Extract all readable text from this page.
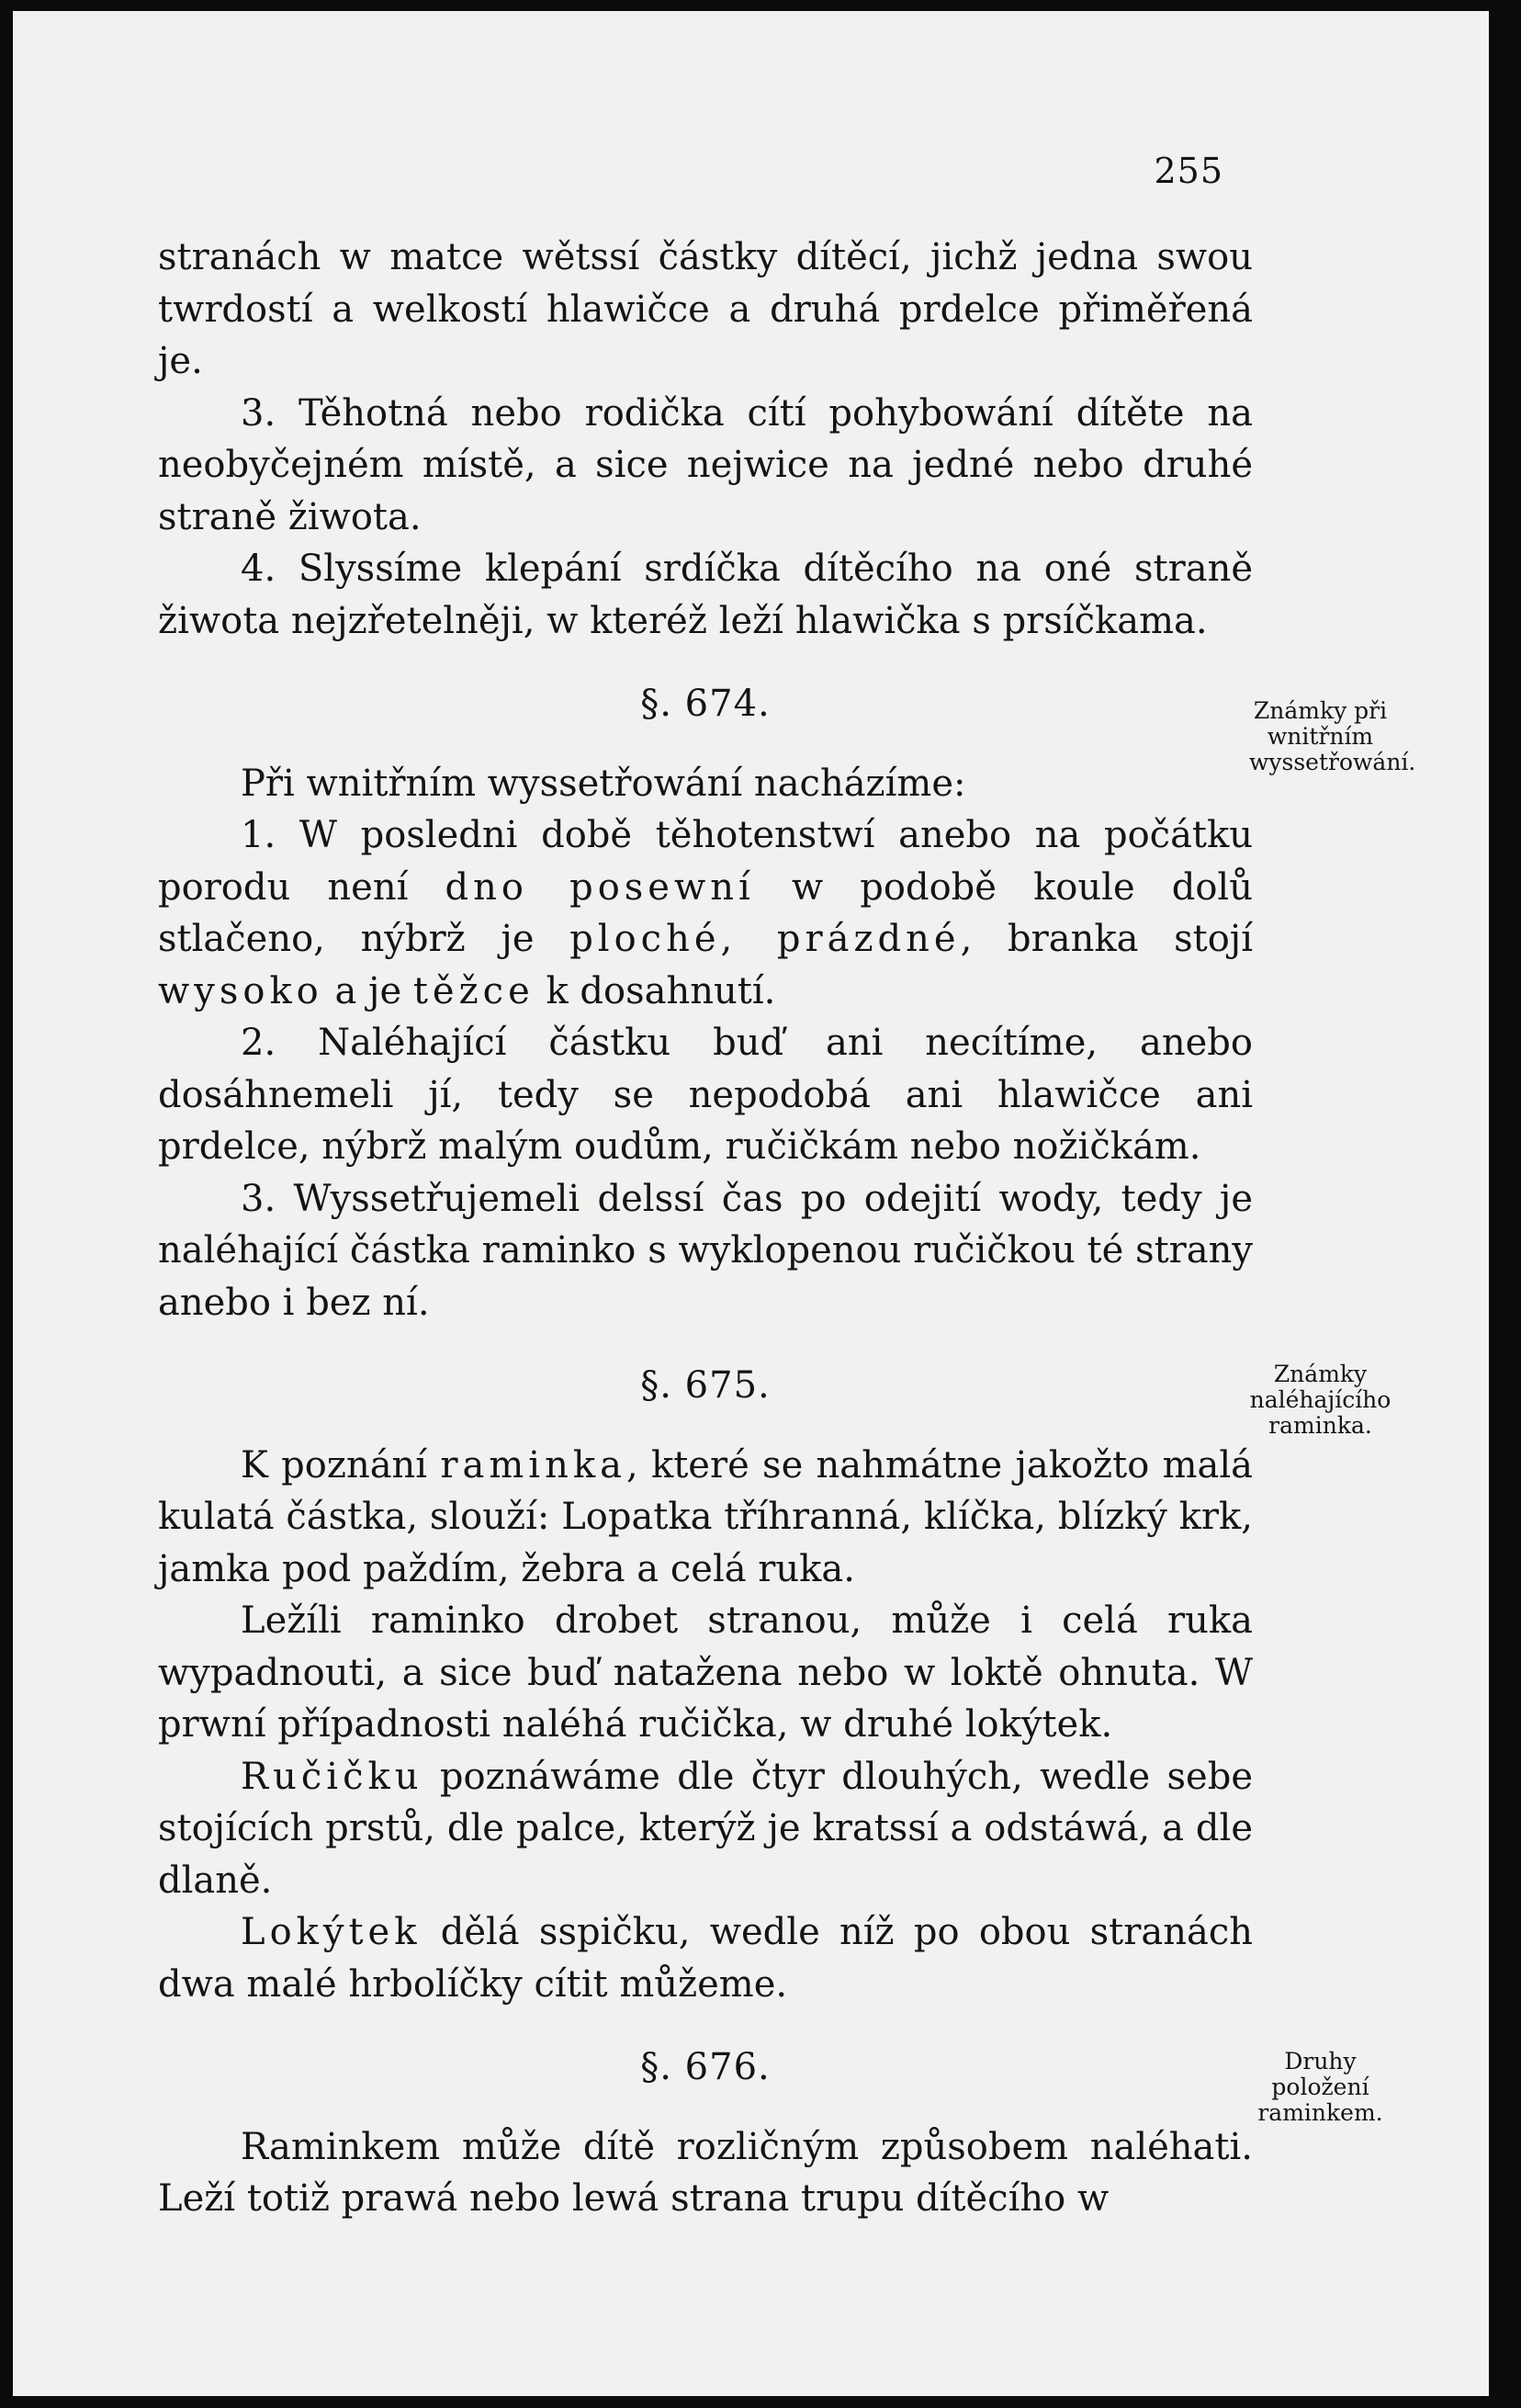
255

stranách w matce wětssí částky dítěcí, jichž jedna swou twrdostí a welkostí hlawičce a druhá prdelce přiměřená je.

3. Těhotná nebo rodička cítí pohybowání dítěte na neobyčejném místě, a sice nejwice na jedné nebo druhé straně žiwota.

4. Slyssíme klepání srdíčka dítěcího na oné straně žiwota nejzřetelněji, w kteréž leží hlawička s prsíčkama.

§. 674.

Při wnitřním wyssetřowání nacházíme:

1. W posledni době těhotenstwí anebo na počátku porodu není dno posewní w podobě koule dolů stlačeno, nýbrž je ploché, prázdné, branka stojí wysoko a je těžce k dosahnutí.

2. Naléhající částku buď ani necítíme, anebo dosáhnemeli jí, tedy se nepodobá ani hlawičce ani prdelce, nýbrž malým oudům, ručičkám nebo nožičkám.

3. Wyssetřujemeli delssí čas po odejití wody, tedy je naléhající částka raminko s wyklopenou ručičkou té strany anebo i bez ní.

§. 675.

K poznání raminka, které se nahmátne jakožto malá kulatá částka, slouží: Lopatka tříhranná, klíčka, blízký krk, jamka pod paždím, žebra a celá ruka.

Ležíli raminko drobet stranou, může i celá ruka wypadnouti, a sice buď natažena nebo w loktě ohnuta. W prwní případnosti naléhá ručička, w druhé lokýtek.

Ručičku poznáwáme dle čtyr dlouhých, wedle sebe stojících prstů, dle palce, kterýž je kratssí a odstáwá, a dle dlaně.

Lokýtek dělá sspičku, wedle níž po obou stranách dwa malé hrbolíčky cítit můžeme.

§. 676.

Raminkem může dítě rozličným způsobem naléhati. Leží totiž prawá nebo lewá strana trupu dítěcího w

Známky při wnitřním wyssetřowání.
Známky naléhajícího raminka.
Druhy položení raminkem.
